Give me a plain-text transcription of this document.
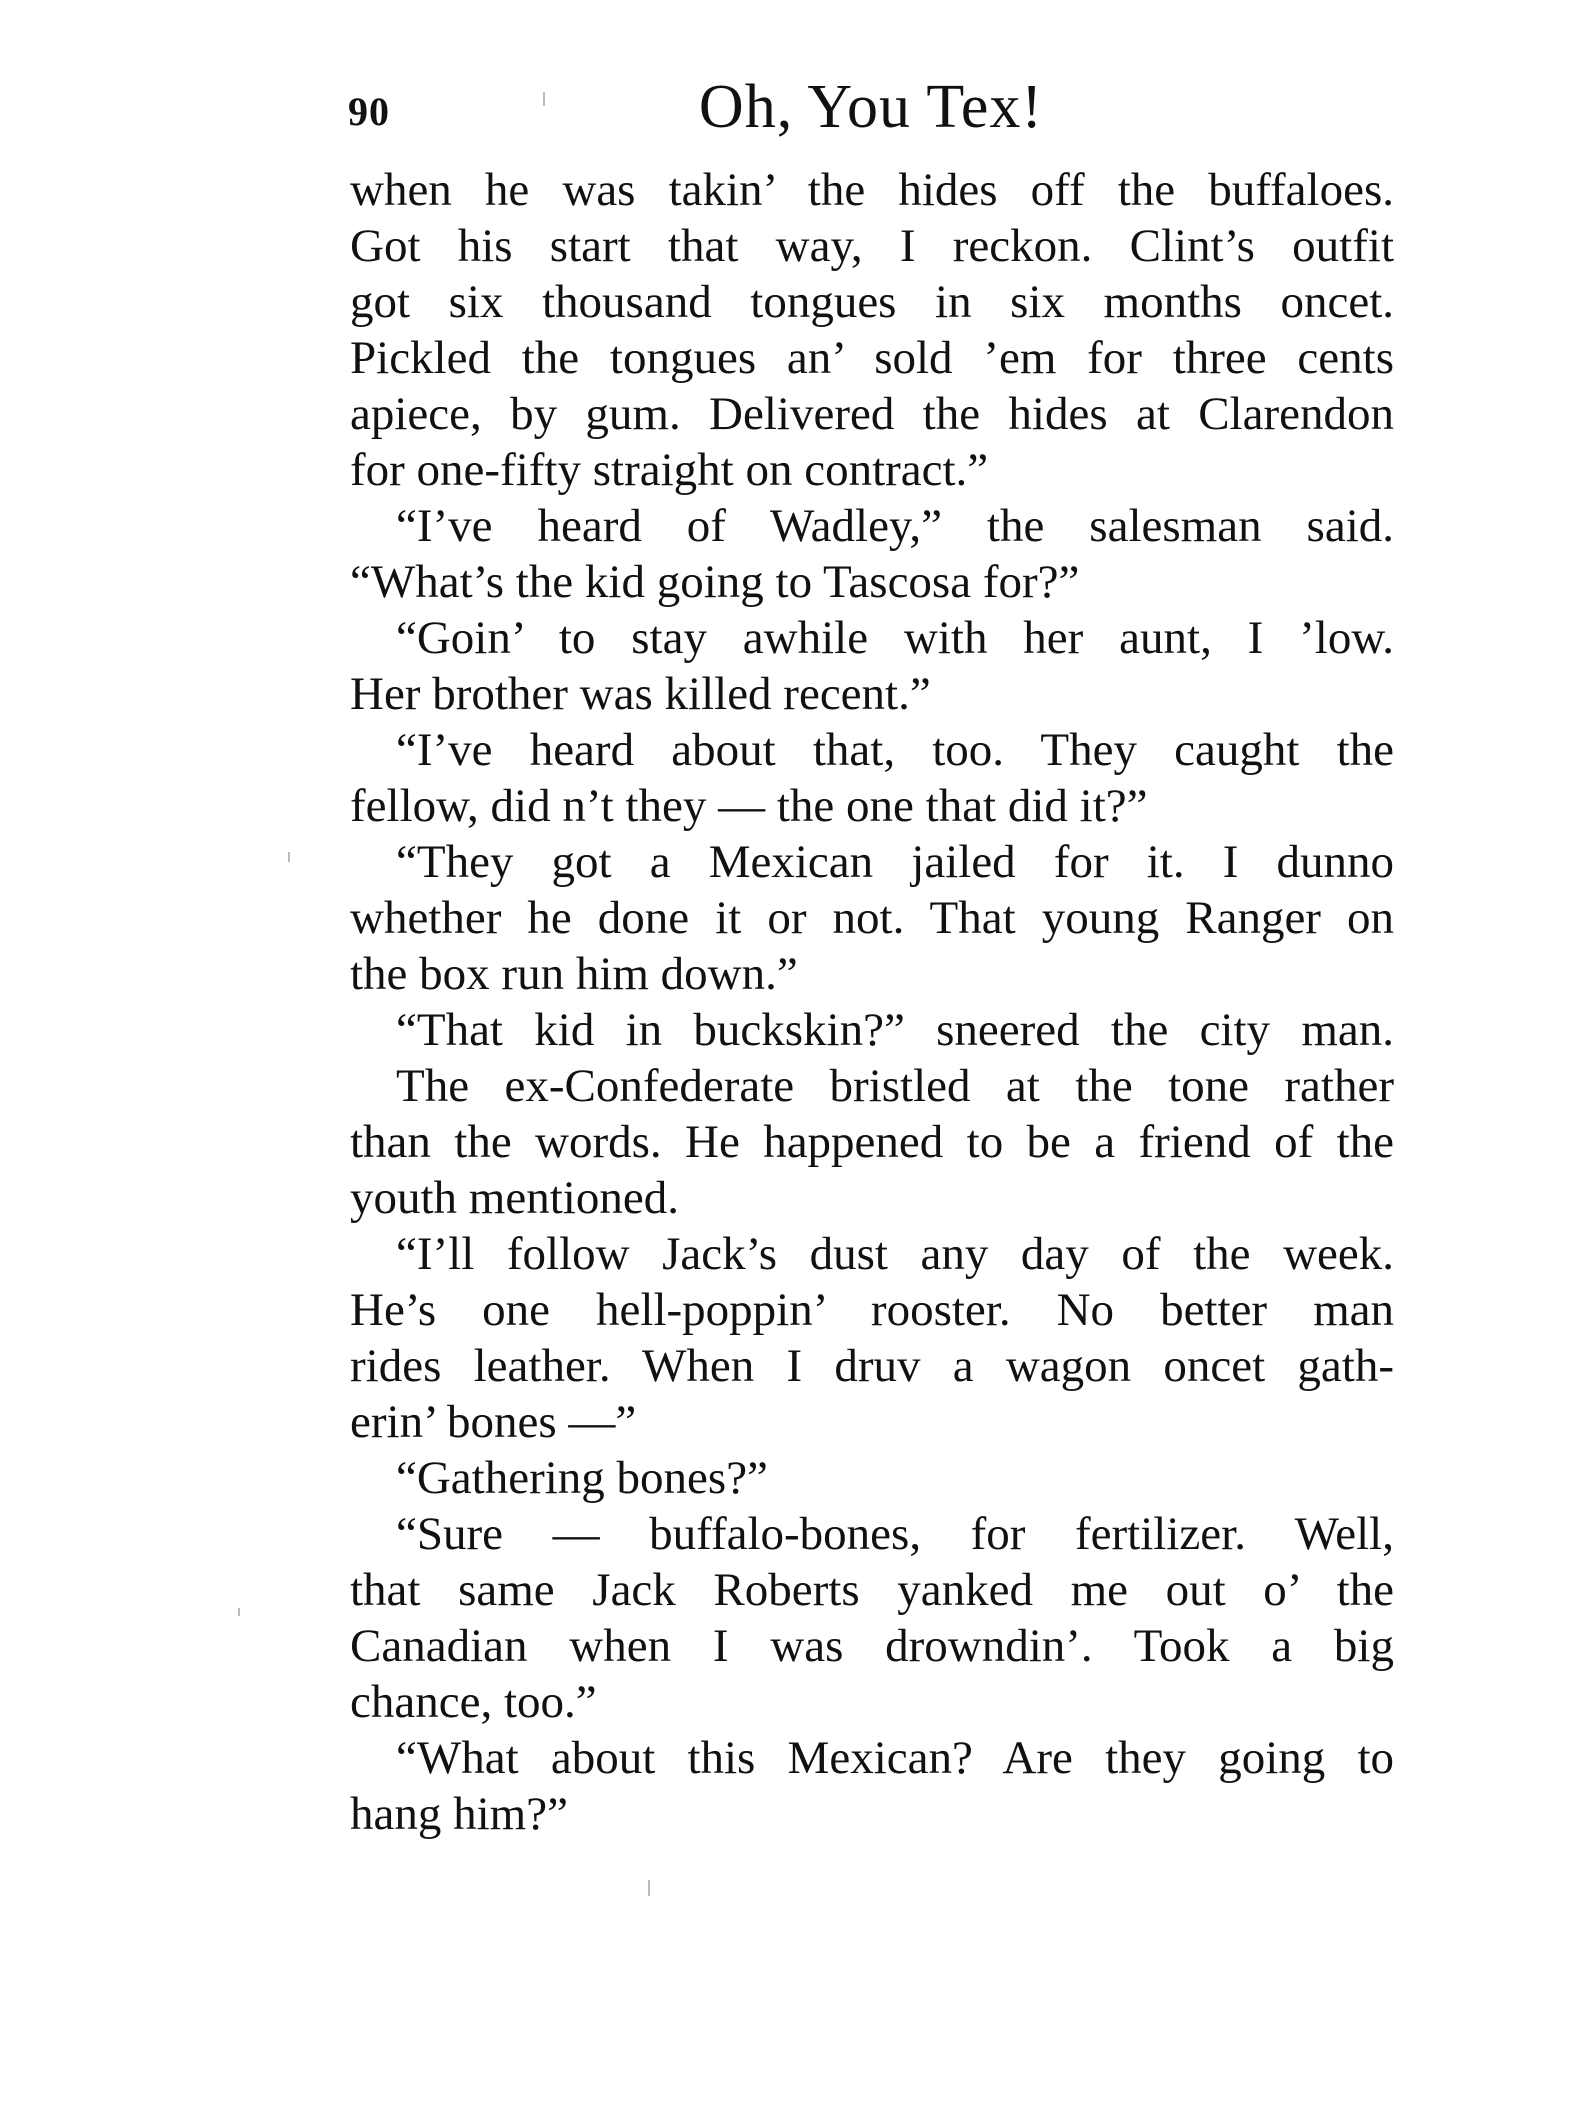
90	Oh, You Tex!
when he was takin’ the hides off the buffaloes.
Got his start that way, I reckon. Clint’s outfit
got six thousand tongues in six months oncet.
Pickled the tongues an’ sold ’em for three cents
apiece, by gum. Delivered the hides at Clarendon
for one-fifty straight on contract.”
“I’ve heard of Wadley,” the salesman said.
“What’s the kid going to Tascosa for?”
“Goin’ to stay awhile with her aunt, I ’low.
Her brother was killed recent.”
“I’ve heard about that, too. They caught the
fellow, did n’t they — the one that did it?”
“They got a Mexican jailed for it. I dunno
whether he done it or not. That young Ranger on
the box run him down.”
“That kid in buckskin?” sneered the city man.
The ex-Confederate bristled at the tone rather
than the words. He happened to be a friend of the
youth mentioned.
“I’ll follow Jack’s dust any day of the week.
He’s one hell-poppin’ rooster. No better man
rides leather. When I druv a wagon oncet gath-
erin’ bones —”
“Gathering bones?”
“Sure — buffalo-bones, for fertilizer. Well,
that same Jack Roberts yanked me out o’ the
Canadian when I was drowndin’. Took a big
chance, too.”
“What about this Mexican? Are they going to
hang him?”
